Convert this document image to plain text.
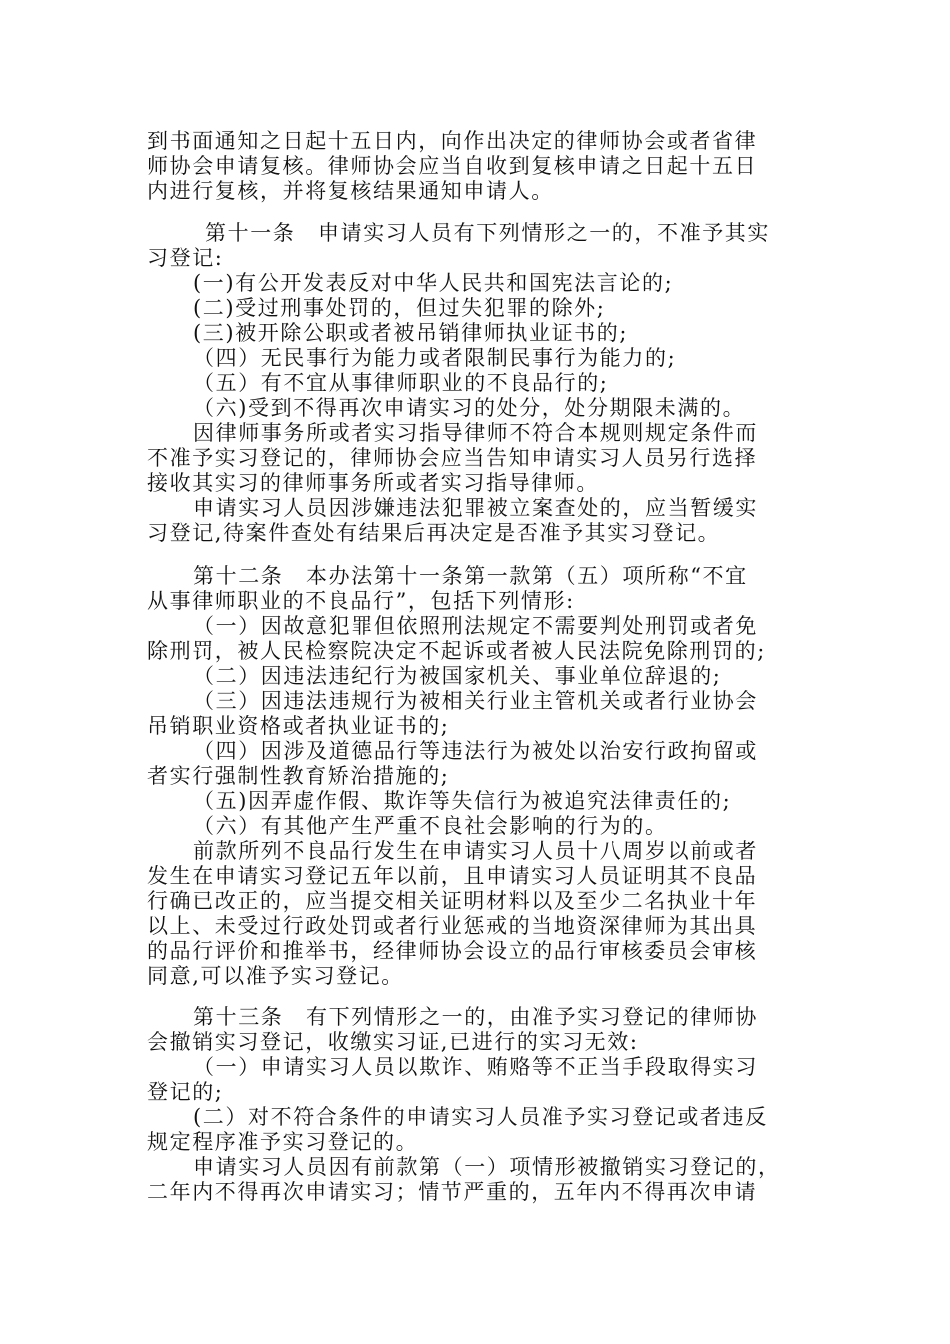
到书面通知之日起十五日内，向作出决定的律师协会或者省律
师协会申请复核。律师协会应当自收到复核申请之日起十五日
内进行复核，并将复核结果通知申请人。
第十一条　申请实习人员有下列情形之一的，不准予其实
习登记:
(一)有公开发表反对中华人民共和国宪法言论的;
(二)受过刑事处罚的，但过失犯罪的除外;
(三)被开除公职或者被吊销律师执业证书的;
（四）无民事行为能力或者限制民事行为能力的;
（五）有不宜从事律师职业的不良品行的;
（六)受到不得再次申请实习的处分，处分期限未满的。
因律师事务所或者实习指导律师不符合本规则规定条件而
不准予实习登记的，律师协会应当告知申请实习人员另行选择
接收其实习的律师事务所或者实习指导律师。
申请实习人员因涉嫌违法犯罪被立案查处的，应当暂缓实
习登记,待案件查处有结果后再决定是否准予其实习登记。
第十二条　本办法第十一条第一款第（五）项所称“不宜
从事律师职业的不良品行”，包括下列情形:
（一）因故意犯罪但依照刑法规定不需要判处刑罚或者免
除刑罚，被人民检察院决定不起诉或者被人民法院免除刑罚的;
（二）因违法违纪行为被国家机关、事业单位辞退的;
（三）因违法违规行为被相关行业主管机关或者行业协会
吊销职业资格或者执业证书的;
（四）因涉及道德品行等违法行为被处以治安行政拘留或
者实行强制性教育矫治措施的;
（五)因弄虚作假、欺诈等失信行为被追究法律责任的;
（六）有其他产生严重不良社会影响的行为的。
前款所列不良品行发生在申请实习人员十八周岁以前或者
发生在申请实习登记五年以前，且申请实习人员证明其不良品
行确已改正的，应当提交相关证明材料以及至少二名执业十年
以上、未受过行政处罚或者行业惩戒的当地资深律师为其出具
的品行评价和推举书，经律师协会设立的品行审核委员会审核
同意,可以准予实习登记。
第十三条　有下列情形之一的，由准予实习登记的律师协
会撤销实习登记，收缴实习证,已进行的实习无效:
（一）申请实习人员以欺诈、贿赂等不正当手段取得实习
登记的;
(二）对不符合条件的申请实习人员准予实习登记或者违反
规定程序准予实习登记的。
申请实习人员因有前款第（一）项情形被撤销实习登记的，
二年内不得再次申请实习；情节严重的，五年内不得再次申请
